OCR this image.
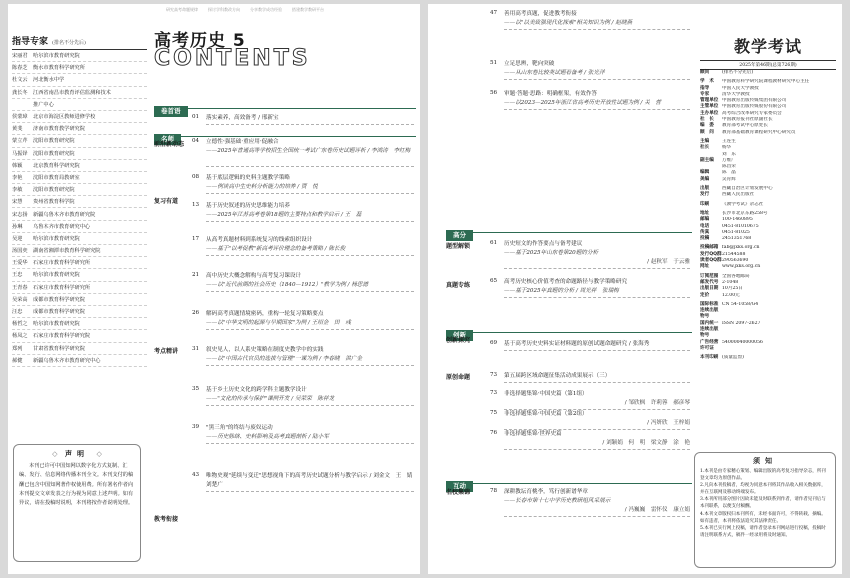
研究高考命题规律	探讨学科教改方向	分享教学成功经验	搭建教学教研平台
指导专家 (排名不分先后)
宋丽君	哈尔滨市教育研究院
陈春芝	衡水市教育科学研究所
杜文云	河北衡水中学
龚长冬	江西省南昌市教育评估监测和技术
推广中心
侯蒙璋	北京市海淀区教师进修学校
黄斐	济南市教育教学研究院
蒙立芹	沈阳市教育研究院
马振铎	沈阳市教育研究院
韩颖	北京教育科学研究院
李艳	沈阳市教育局教研室
李敏	沈阳市教育研究院
宋慧	贵州省教育科学院
宋志扬	新疆乌鲁木齐市教育研究院
孙琳	乌鲁木齐市教育研究中心
吴迎	哈尔滨市教育研究院
汤国奕	湖南省湘潭市教育科学研究院
王爱华	石家庄市教育科学研究所
王忠	哈尔滨市教育研究院
王青春	石家庄市教育科学研究所
吴荣高	成都市教育科学研究院
汪忠	成都市教育科学研究院
杨哲之	哈尔滨市教育研究院
杨凤之	石家庄市教育科学研究院
郑列	甘肃省教育科学研究院
郝健	新疆乌鲁木齐市教育研究中心
◇ 声明 ◇
本刊已许可中国知网以数字化方式复制、汇编、发行、信息网络传播本刊全文。本刊支付的稿酬已包含中国知网著作权使用费。所有署名作者向本刊提交文章发表之行为视为同意上述声明。如有异议，请在投稿时说明，本刊将按作者说明处理。
高考历史 5
CONTENTS
卷首语
名师
前沿新动态
复习有道
考点精讲
教考衔接
01 落实素养，高效备考 / 邢新宝
04 立德性·强基础·重应用·促融合
——2025年普通高等学校招生全国统一考试广东卷历史试题评析 / 李鸿涛　李红梅
08 基于底层逻辑的史料主题教学策略
——例谈高中生史料分析能力的培养 / 贾　悦
13 基于历史叙述的历史思维能力培养
——2025年江苏高考卷第18题的主要特点和教学启示 / 王　磊
17 从高考真题材料到系统复习的线索组织设计
——基于"以考促教"新高考评价理念的备考策略 / 陈长俊
21 高中历史大概念解构与高考复习课设计
——以"近代前期的社会历史（1840—1912）"教学为例 / 杨思德
26 解码高考真题情境密码，重构一轮复习策略要点
——以"中华文明的起源与早期国家"为例 / 王绍金　田　彧
31 叙史见人，以人系史策略在制度史教学中的实践
——以"中国古代官员的选拔与管理"一课为例 / 李春晓　洪广金
35 基于乡土历史文化的跨学科主题教学设计
——"文化的传承与保护"课例开发 / 吴荣荣　陈祥龙
39 "黑三角"的终结与废奴运动
——历史脉络、史料影响及高考真题剖析 / 陆小军
43 唯物史观"延续与变迁"思想视角下的高考历史试题分析与教学启示 / 刘金文　王　婧　刘楚广
高分
创新
互动
题型解锁
真题专练
创新探究
原创命题
名校集锦
47 善用高考真题，促进教考衔接
——以"以美致强现代化探索"相关知识为例 / 赵晓燕
51 立足思辨，靶向突破
——从山东卷比较类试题看备考 / 张光洋
56 审题·答题·思路：明确框架，有效作答
——以2023—2025年浙江省高考历史开放性试题为例 / 关　营
61 历史短文的作答要点与备考建议
——基于2025年山东卷第20题的分析
/ 赵秋军　于云雅
65 高考历史核心价值考查的命题路径与教学策略研究
——基于2025年真题的分析 / 周光祥　张瑞梅
69 基于高考历史史料实证材料题的原创试题命题研究 / 张海秀
73 第五届跨区域命题征集活动成果展示（三）
73 非选择题集锦·中国史篇（第1组）
/ 邹欣枫　许莉蓉　郝彦琴
75 非选择题集锦·中国史篇（第2组）
/ 冯妍欣　王梓娟
76 非选择题集锦·世界史篇
/ 刘颖娟　何　明　梁文静　涂　艳
78 深耕教坛育桃李，笃行创新谱华章
——长春市第十七中学历史教研组风采展示
/ 冯巍巍　雷怀仪　康立娟
教学考试
2025年第46期(总第726期)
顾问	(排名不分先后)
学　术	中国教育科学研究院课程教材研究中心主任
指导	中国人民大学教授
专家	清华大学教授
管理单位 中国教育出版传媒集团有限公司
主管单位 中国教育出版传媒股份有限公司
主办单位 高考综合改革研究专家委员会
社　长	中国教育报刊社原副社长
编　委	教育部考试中心原处长
顾　问	教育部基础教育课程研究中心研究员
主编	王连生
社长	杨华
刘　乐
副主编	万维广
陈昌荣
编辑	陈　晶
美编	吴育辉
出版	西藏自治区计划发展中心
发行	西藏人民出版社
印刷	《教学考试》杂志社
地址	长沙市北京东路258号
邮编	100-1460895
电话	0451-81010675
传真	0451-81025
投稿	2451351768
投稿邮箱 fab@jxks.org.cn
发行QQ群 21544588
读者QQ群 290563690
网址	www.jxks.org.cn
订阅范围 全国各地邮局
邮发代号 2-1048
出版日期 10月25日
定价	12.00元
国际标准连续出版物号
CN 54-1058/G4
国内统一连续出版物号
ISSN 2097-2627
广告经营许可证
54000040000056
本刊印刷 (质量监督)
须知
1.本刊是由专家精心策划、编辑出版的高考复习指导杂志，所刊登文章均为原创作品。
2.凡向本刊投稿者，均视为同意本刊将其作品收入相关数据库，并在互联网及移动终端发布。
3.本刊所用部分图片因故未能及时联系到作者，请作者见刊后与本刊联系，以便支付稿酬。
4.本刊文章版权归本刊所有，未经书面许可，不得转载、摘编。如有违者，本刊将依法追究其法律责任。
5.本刊已实行网上投稿，请作者登录本刊网站进行投稿，投稿时请注明联系方式，稿件一经录用将及时通知。
